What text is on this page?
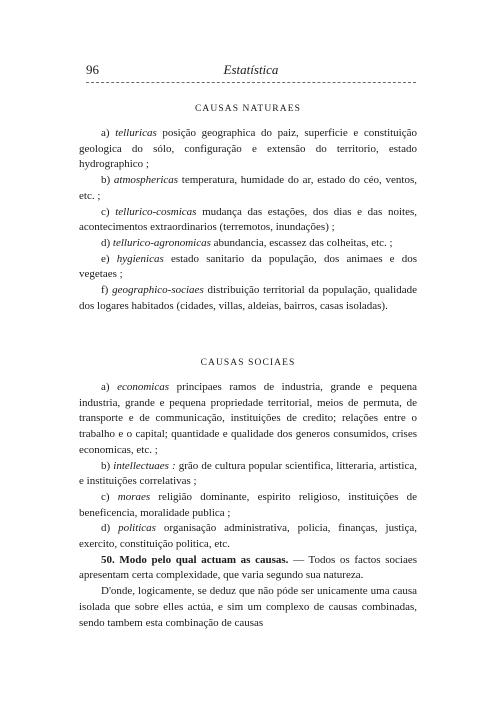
96	Estatística
CAUSAS NATURAES

a) telluricas posição geographica do paiz, superficie e constituição geologica do sólo, configuração e extensão do territorio, estado hydrographico ;

b) atmosphericas temperatura, humidade do ar, estado do céo, ventos, etc. ;

c) tellurico-cosmicas mudança das estações, dos dias e das noites, acontecimentos extraordinarios (terremotos, inundações) ;

d) tellurico-agronomicas abundancia, escassez das colheitas, etc. ;

e) hygienicas estado sanitario da população, dos animaes e dos vegetaes ;

f) geographico-sociaes distribuição territorial da população, qualidade dos logares habitados (cidades, villas, aldeias, bairros, casas isoladas).

CAUSAS SOCIAES

a) economicas principaes ramos de industria, grande e pequena industria, grande e pequena propriedade territorial, meios de permuta, de transporte e de communicação, instituições de credito; relações entre o trabalho e o capital; quantidade e qualidade dos generos consumidos, crises economicas, etc. ;

b) intellectuaes : grão de cultura popular scientifica, litteraria, artistica, e instituições correlativas ;

c) moraes religião dominante, espirito religioso, instituições de beneficencia, moralidade publica ;

d) politicas organisação administrativa, policia, finanças, justiça, exercito, constituição politica, etc.

50. Modo pelo qual actuam as causas. — Todos os factos sociaes apresentam certa complexidade, que varia segundo sua natureza.

D'onde, logicamente, se deduz que não póde ser unicamente uma causa isolada que sobre elles actúa, e sim um complexo de causas combinadas, sendo tambem esta combinação de causas
